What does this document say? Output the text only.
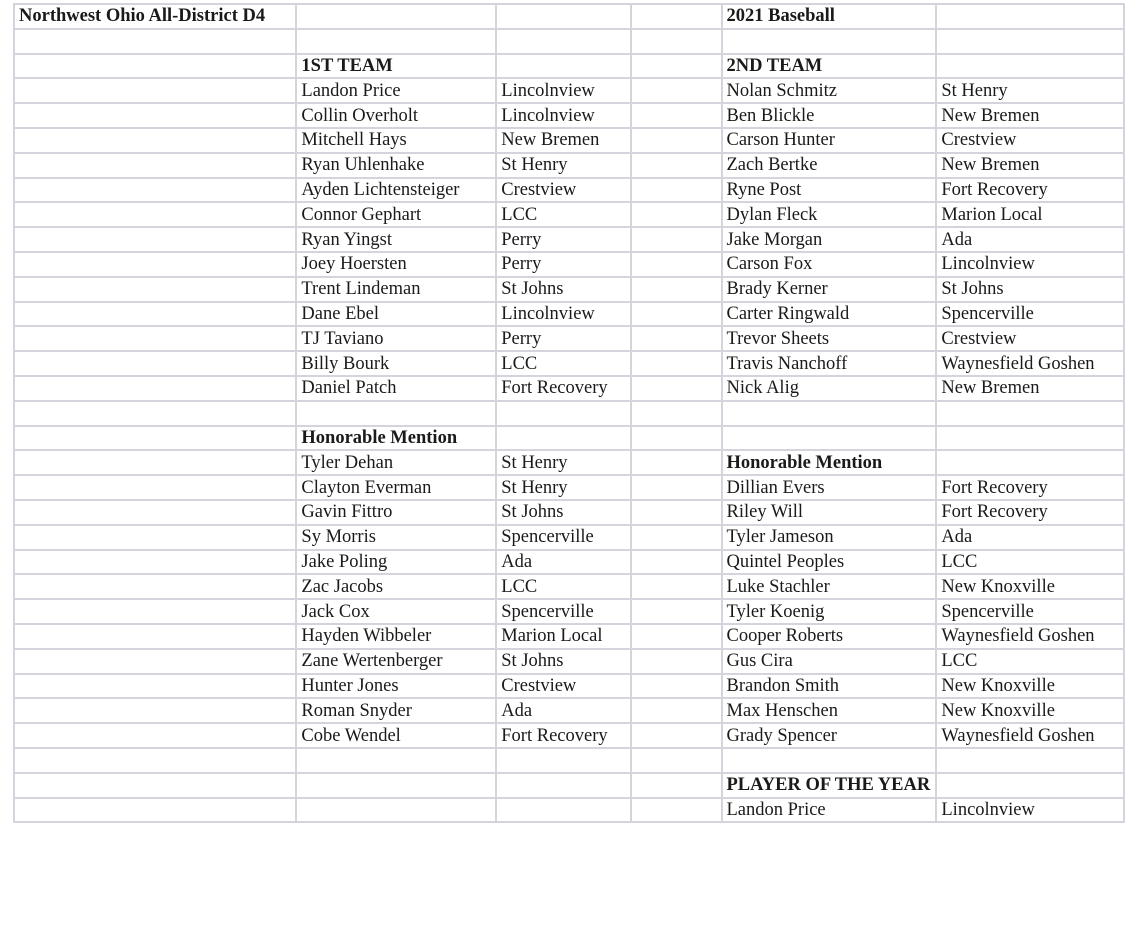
Northwest Ohio All-District D4				2021 Baseball	

	1ST TEAM			2ND TEAM	
	Landon Price	Lincolnview		Nolan Schmitz	St Henry
	Collin Overholt	Lincolnview		Ben Blickle	New Bremen
	Mitchell Hays	New Bremen		Carson Hunter	Crestview
	Ryan Uhlenhake	St Henry		Zach Bertke	New Bremen
	Ayden Lichtensteiger	Crestview		Ryne Post	Fort Recovery
	Connor Gephart	LCC		Dylan Fleck	Marion Local
	Ryan Yingst	Perry		Jake Morgan	Ada
	Joey Hoersten	Perry		Carson Fox	Lincolnview
	Trent Lindeman	St Johns		Brady Kerner	St Johns
	Dane Ebel	Lincolnview		Carter Ringwald	Spencerville
	TJ Taviano	Perry		Trevor Sheets	Crestview
	Billy Bourk	LCC		Travis Nanchoff	Waynesfield Goshen
	Daniel Patch	Fort Recovery		Nick Alig	New Bremen

	Honorable Mention				
	Tyler Dehan	St Henry		Honorable Mention	
	Clayton Everman	St Henry		Dillian Evers	Fort Recovery
	Gavin Fittro	St Johns		Riley Will	Fort Recovery
	Sy Morris	Spencerville		Tyler Jameson	Ada
	Jake Poling	Ada		Quintel Peoples	LCC
	Zac Jacobs	LCC		Luke Stachler	New Knoxville
	Jack Cox	Spencerville		Tyler Koenig	Spencerville
	Hayden Wibbeler	Marion Local		Cooper Roberts	Waynesfield Goshen
	Zane Wertenberger	St Johns		Gus Cira	LCC
	Hunter Jones	Crestview		Brandon Smith	New Knoxville
	Roman Snyder	Ada		Max Henschen	New Knoxville
	Cobe Wendel	Fort Recovery		Grady Spencer	Waynesfield Goshen

				PLAYER OF THE YEAR	
				Landon Price	Lincolnview
